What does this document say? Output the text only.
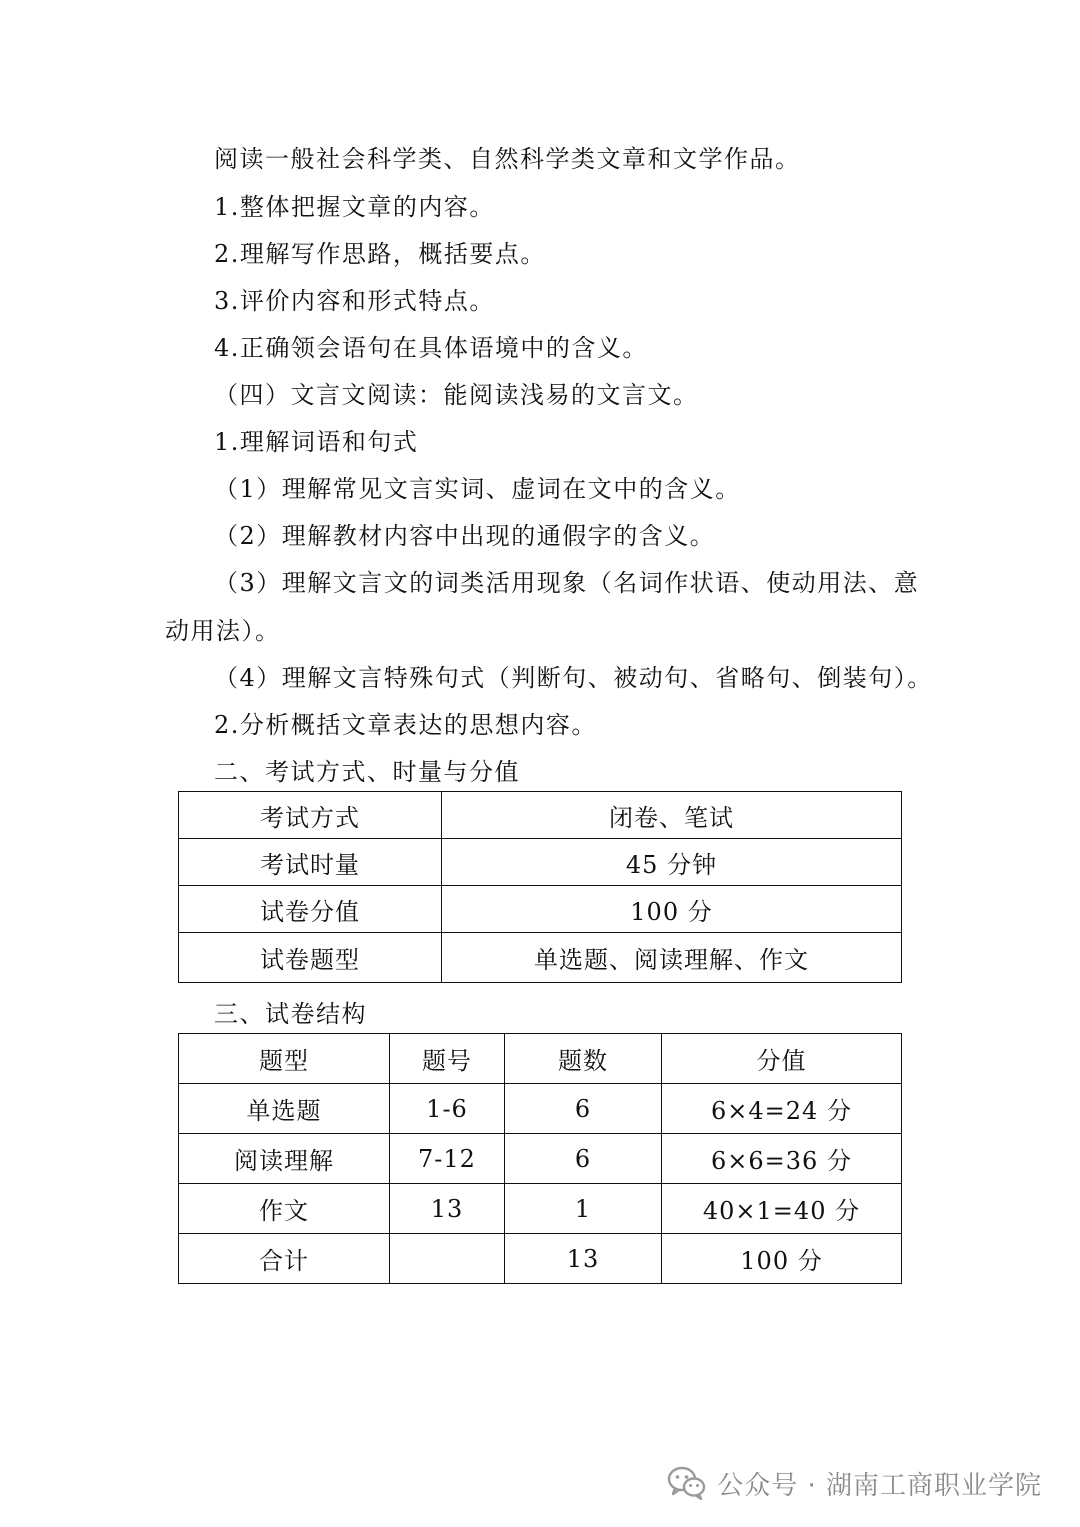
阅读一般社会科学类、自然科学类文章和文学作品。
1.整体把握文章的内容。
2.理解写作思路，概括要点。
3.评价内容和形式特点。
4.正确领会语句在具体语境中的含义。
（四）文言文阅读：能阅读浅易的文言文。
1.理解词语和句式
（1）理解常见文言实词、虚词在文中的含义。
（2）理解教材内容中出现的通假字的含义。
（3）理解文言文的词类活用现象（名词作状语、使动用法、意
动用法）。
（4）理解文言特殊句式（判断句、被动句、省略句、倒装句）。
2.分析概括文章表达的思想内容。
二、考试方式、时量与分值
考试方式	闭卷、笔试
考试时量	45 分钟
试卷分值	100 分
试卷题型	单选题、阅读理解、作文
三、试卷结构
题型	题号	题数	分值
单选题	1-6	6	6×4=24 分
阅读理解	7-12	6	6×6=36 分
作文	13	1	40×1=40 分
合计		13	100 分
公众号 · 湖南工商职业学院
